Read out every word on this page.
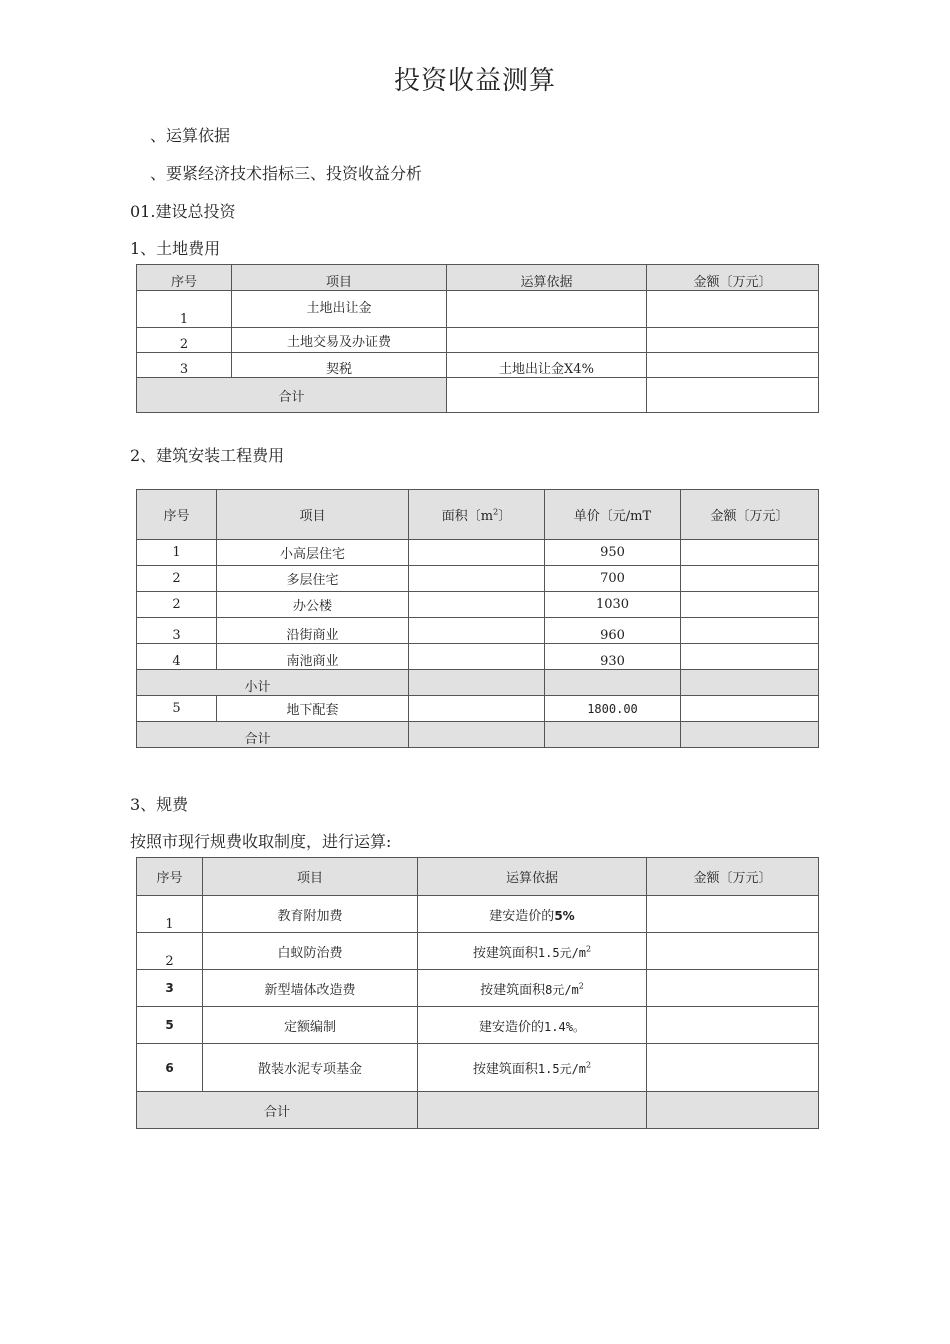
投资收益测算
、运算依据
、要紧经济技术指标三、投资收益分析
01.建设总投资
1、土地费用
序号	项目	运算依据	金额〔万元〕
1	土地出让金		
2	土地交易及办证费		
3	契税	土地出让金X4%	
合计			
2、建筑安装工程费用
序号	项目	面积〔$m^2$〕	单价〔元/mT	金额〔万元〕
1	小高层住宅		950	
2	多层住宅		700	
2	办公楼		1030	
3	沿街商业		960	
4	南池商业		930	
小计				
5	地下配套		1800.00	
合计				
3、规费
按照市现行规费收取制度，进行运算:
序号	项目	运算依据	金额〔万元〕
1	教育附加费	建安造价的5%	
2	白蚁防治费	按建筑面积1.5元$/m^2$	
3	新型墙体改造费	按建筑面积8元$/m^2$	
5	定额编制	建安造价的1.4%。	
6	散装水泥专项基金	按建筑面积1.5元$/m^2$	
合计			
